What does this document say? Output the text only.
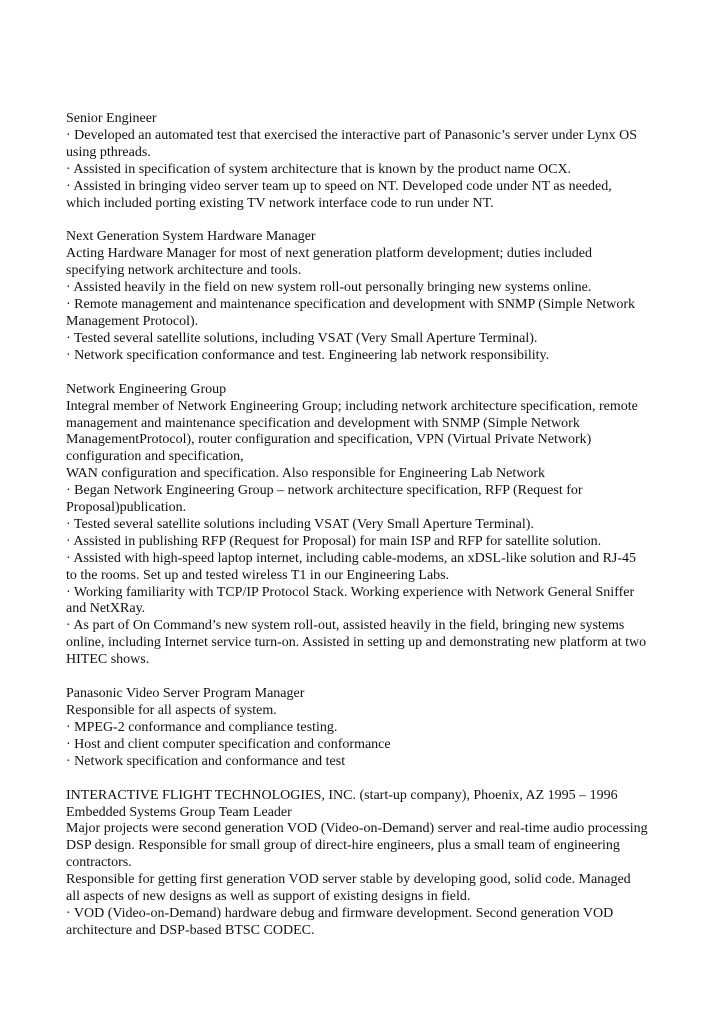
Senior Engineer
· Developed an automated test that exercised the interactive part of Panasonic’s server under Lynx OS
using pthreads.
· Assisted in specification of system architecture that is known by the product name OCX.
· Assisted in bringing video server team up to speed on NT. Developed code under NT as needed,
which included porting existing TV network interface code to run under NT.
Next Generation System Hardware Manager
Acting Hardware Manager for most of next generation platform development; duties included
specifying network architecture and tools.
· Assisted heavily in the field on new system roll-out personally bringing new systems online.
· Remote management and maintenance specification and development with SNMP (Simple Network
Management Protocol).
· Tested several satellite solutions, including VSAT (Very Small Aperture Terminal).
· Network specification conformance and test. Engineering lab network responsibility.
Network Engineering Group
Integral member of Network Engineering Group; including network architecture specification, remote
management and maintenance specification and development with SNMP (Simple Network
ManagementProtocol), router configuration and specification, VPN (Virtual Private Network)
configuration and specification,
WAN configuration and specification. Also responsible for Engineering Lab Network
· Began Network Engineering Group – network architecture specification, RFP (Request for
Proposal)publication.
· Tested several satellite solutions including VSAT (Very Small Aperture Terminal).
· Assisted in publishing RFP (Request for Proposal) for main ISP and RFP for satellite solution.
· Assisted with high-speed laptop internet, including cable-modems, an xDSL-like solution and RJ-45
to the rooms. Set up and tested wireless T1 in our Engineering Labs.
· Working familiarity with TCP/IP Protocol Stack. Working experience with Network General Sniffer
and NetXRay.
· As part of On Command’s new system roll-out, assisted heavily in the field, bringing new systems
online, including Internet service turn-on. Assisted in setting up and demonstrating new platform at two
HITEC shows.
Panasonic Video Server Program Manager
Responsible for all aspects of system.
· MPEG-2 conformance and compliance testing.
· Host and client computer specification and conformance
· Network specification and conformance and test
INTERACTIVE FLIGHT TECHNOLOGIES, INC. (start-up company), Phoenix, AZ 1995 – 1996
Embedded Systems Group Team Leader
Major projects were second generation VOD (Video-on-Demand) server and real-time audio processing
DSP design. Responsible for small group of direct-hire engineers, plus a small team of engineering
contractors.
Responsible for getting first generation VOD server stable by developing good, solid code. Managed
all aspects of new designs as well as support of existing designs in field.
· VOD (Video-on-Demand) hardware debug and firmware development. Second generation VOD
architecture and DSP-based BTSC CODEC.
